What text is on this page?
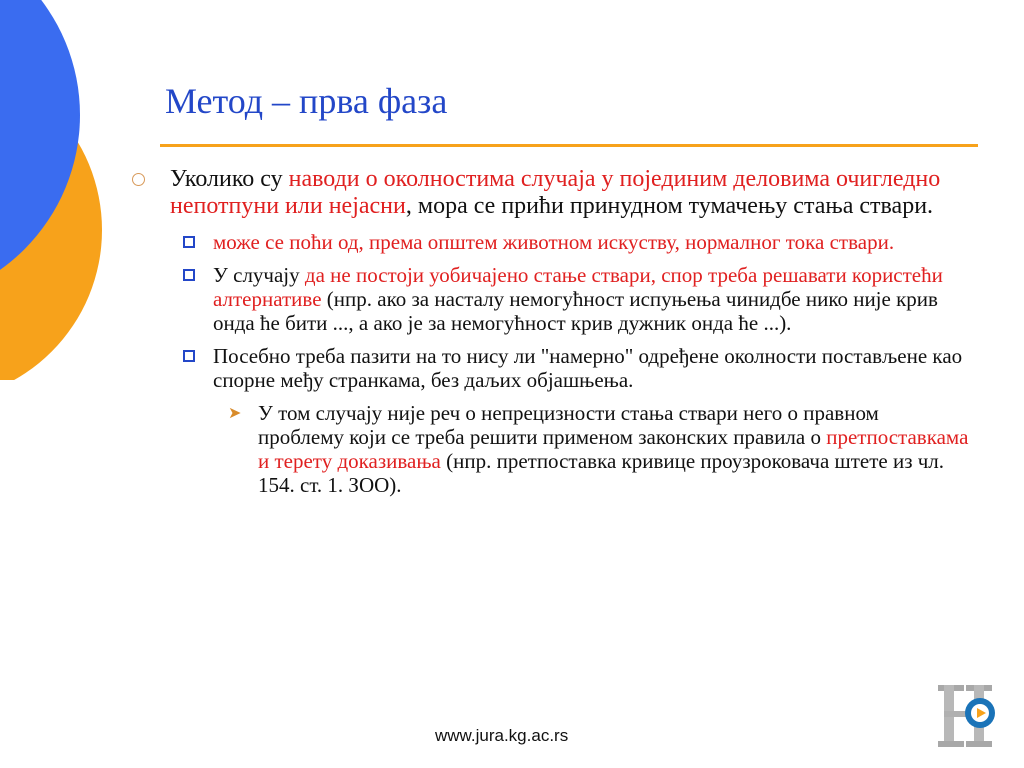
Метод – прва фаза
Уколико су наводи о околностима случаја у појединим деловима очигледно непотпуни или нејасни, мора се прићи принудном тумачењу стања ствари.
може се поћи од, према општем животном искуству, нормалног тока ствари.
У случају да не постоји уобичајено стање ствари, спор треба решавати користећи алтернативе (нпр. ако за насталу немогућност испуњења чинидбе нико није крив онда ће бити ..., а ако је за немогућност крив дужник онда ће ...).
Посебно треба пазити на то нису ли "намерно" одређене околности постављене као спорне међу странкама, без даљих објашњења.
➤ У том случају није реч о непрецизности стања ствари него о правном проблему који се треба решити применом законских правила о претпоставкама и терету доказивања (нпр. претпоставка кривице проузроковача штете из чл. 154. ст. 1. ЗОО).
www.jura.kg.ac.rs
